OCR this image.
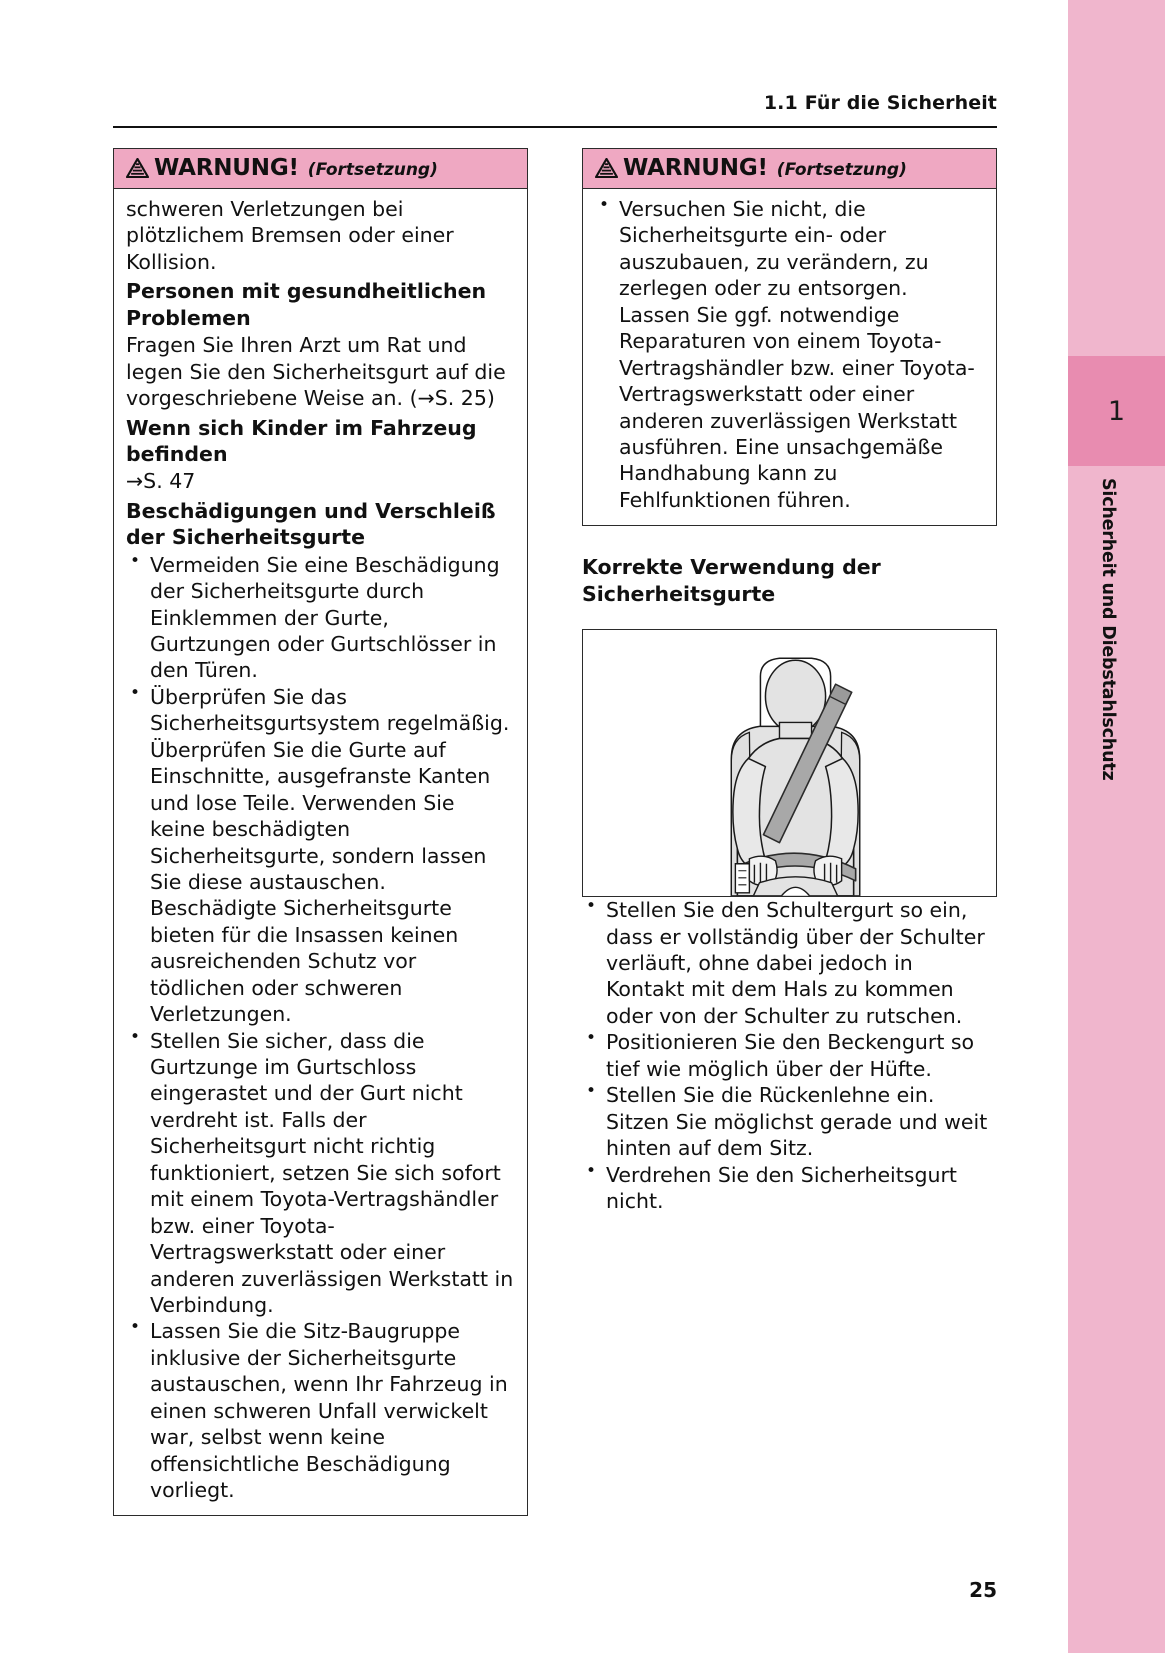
1
Sicherheit und Diebstahlschutz
1.1 Für die Sicherheit
WARNUNG! (Fortsetzung)

schweren Verletzungen bei plötzlichem Bremsen oder einer Kollision.

Personen mit gesundheitlichen Problemen

Fragen Sie Ihren Arzt um Rat und legen Sie den Sicherheitsgurt auf die vorgeschriebene Weise an. (→S. 25)

Wenn sich Kinder im Fahrzeug befinden

→S. 47

Beschädigungen und Verschleiß der Sicherheitsgurte
• Vermeiden Sie eine Beschädigung der Sicherheitsgurte durch Einklemmen der Gurte, Gurtzungen oder Gurtschlösser in den Türen.
• Überprüfen Sie das Sicherheitsgurtsystem regelmäßig. Überprüfen Sie die Gurte auf Einschnitte, ausgefranste Kanten und lose Teile. Verwenden Sie keine beschädigten Sicherheitsgurte, sondern lassen Sie diese austauschen. Beschädigte Sicherheitsgurte bieten für die Insassen keinen ausreichenden Schutz vor tödlichen oder schweren Verletzungen.
• Stellen Sie sicher, dass die Gurtzunge im Gurtschloss eingerastet und der Gurt nicht verdreht ist. Falls der Sicherheitsgurt nicht richtig funktioniert, setzen Sie sich sofort mit einem Toyota-Vertragshändler bzw. einer Toyota-Vertragswerkstatt oder einer anderen zuverlässigen Werkstatt in Verbindung.
• Lassen Sie die Sitz-Baugruppe inklusive der Sicherheitsgurte austauschen, wenn Ihr Fahrzeug in einen schweren Unfall verwickelt war, selbst wenn keine offensichtliche Beschädigung vorliegt.
WARNUNG! (Fortsetzung)
• Versuchen Sie nicht, die Sicherheitsgurte ein- oder auszubauen, zu verändern, zu zerlegen oder zu entsorgen. Lassen Sie ggf. notwendige Reparaturen von einem Toyota-Vertragshändler bzw. einer Toyota-Vertragswerkstatt oder einer anderen zuverlässigen Werkstatt ausführen. Eine unsachgemäße Handhabung kann zu Fehlfunktionen führen.
Korrekte Verwendung der Sicherheitsgurte
• Stellen Sie den Schultergurt so ein, dass er vollständig über der Schulter verläuft, ohne dabei jedoch in Kontakt mit dem Hals zu kommen oder von der Schulter zu rutschen.
• Positionieren Sie den Beckengurt so tief wie möglich über der Hüfte.
• Stellen Sie die Rückenlehne ein. Sitzen Sie möglichst gerade und weit hinten auf dem Sitz.
• Verdrehen Sie den Sicherheitsgurt nicht.
25
